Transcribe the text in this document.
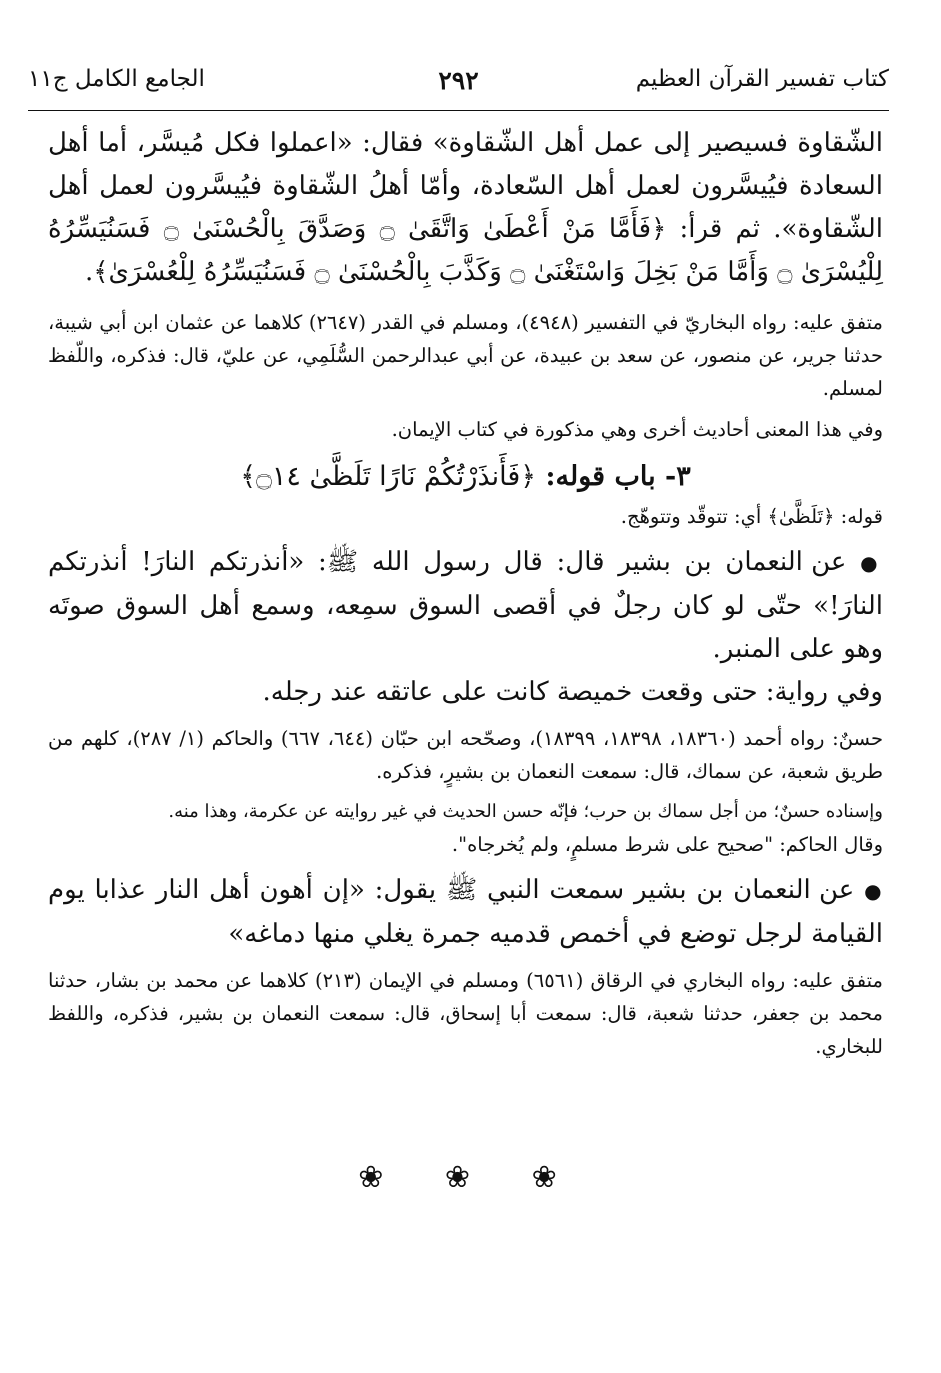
كتاب تفسير القرآن العظيم
٢٩٢
الجامع الكامل ج١١

الشّقاوة فسيصير إلى عمل أهل الشّقاوة» فقال: «اعملوا فكل مُيسَّر، أما أهل السعادة فيُيسَّرون لعمل أهل السّعادة، وأمّا أهلُ الشّقاوة فيُيسَّرون لعمل أهل الشّقاوة». ثم قرأ: ﴿فَأَمَّا مَنْ أَعْطَىٰ وَاتَّقَىٰ ۝ وَصَدَّقَ بِالْحُسْنَىٰ ۝ فَسَنُيَسِّرُهُ لِلْيُسْرَىٰ ۝ وَأَمَّا مَنْ بَخِلَ وَاسْتَغْنَىٰ ۝ وَكَذَّبَ بِالْحُسْنَىٰ ۝ فَسَنُيَسِّرُهُ لِلْعُسْرَىٰ﴾.

متفق عليه: رواه البخاريّ في التفسير (٤٩٤٨)، ومسلم في القدر (٢٦٤٧) كلاهما عن عثمان ابن أبي شيبة، حدثنا جرير، عن منصور، عن سعد بن عبيدة، عن أبي عبدالرحمن السُّلَمِي، عن عليّ، قال: فذكره، واللّفظ لمسلم.

وفي هذا المعنى أحاديث أخرى وهي مذكورة في كتاب الإيمان.

٣- باب قوله: ﴿فَأَنذَرْتُكُمْ نَارًا تَلَظَّىٰ ۝١٤﴾

قوله: ﴿تَلَظَّىٰ﴾ أي: تتوقّد وتتوهّج.

● عن النعمان بن بشير قال: قال رسول الله ﷺ: «أنذرتكم النارَ! أنذرتكم النارَ!» حتّى لو كان رجلٌ في أقصى السوق سمِعه، وسمع أهل السوق صوتَه وهو على المنبر.

وفي رواية: حتى وقعت خميصة كانت على عاتقه عند رجله.

حسنٌ: رواه أحمد (١٨٣٦٠، ١٨٣٩٨، ١٨٣٩٩)، وصحّحه ابن حبّان (٦٤٤، ٦٦٧) والحاكم (١/ ٢٨٧)، كلهم من طريق شعبة، عن سماك، قال: سمعت النعمان بن بشيرٍ، فذكره.

وإسناده حسنٌ؛ من أجل سماك بن حرب؛ فإنّه حسن الحديث في غير روايته عن عكرمة، وهذا منه.

وقال الحاكم: "صحيح على شرط مسلمٍ، ولم يُخرجاه".

● عن النعمان بن بشير سمعت النبي ﷺ يقول: «إن أهون أهل النار عذابا يوم القيامة لرجل توضع في أخمص قدميه جمرة يغلي منها دماغه»

متفق عليه: رواه البخاري في الرقاق (٦٥٦١) ومسلم في الإيمان (٢١٣) كلاهما عن محمد بن بشار، حدثنا محمد بن جعفر، حدثنا شعبة، قال: سمعت أبا إسحاق، قال: سمعت النعمان بن بشير، فذكره، واللفظ للبخاري.

❀ ❀ ❀
